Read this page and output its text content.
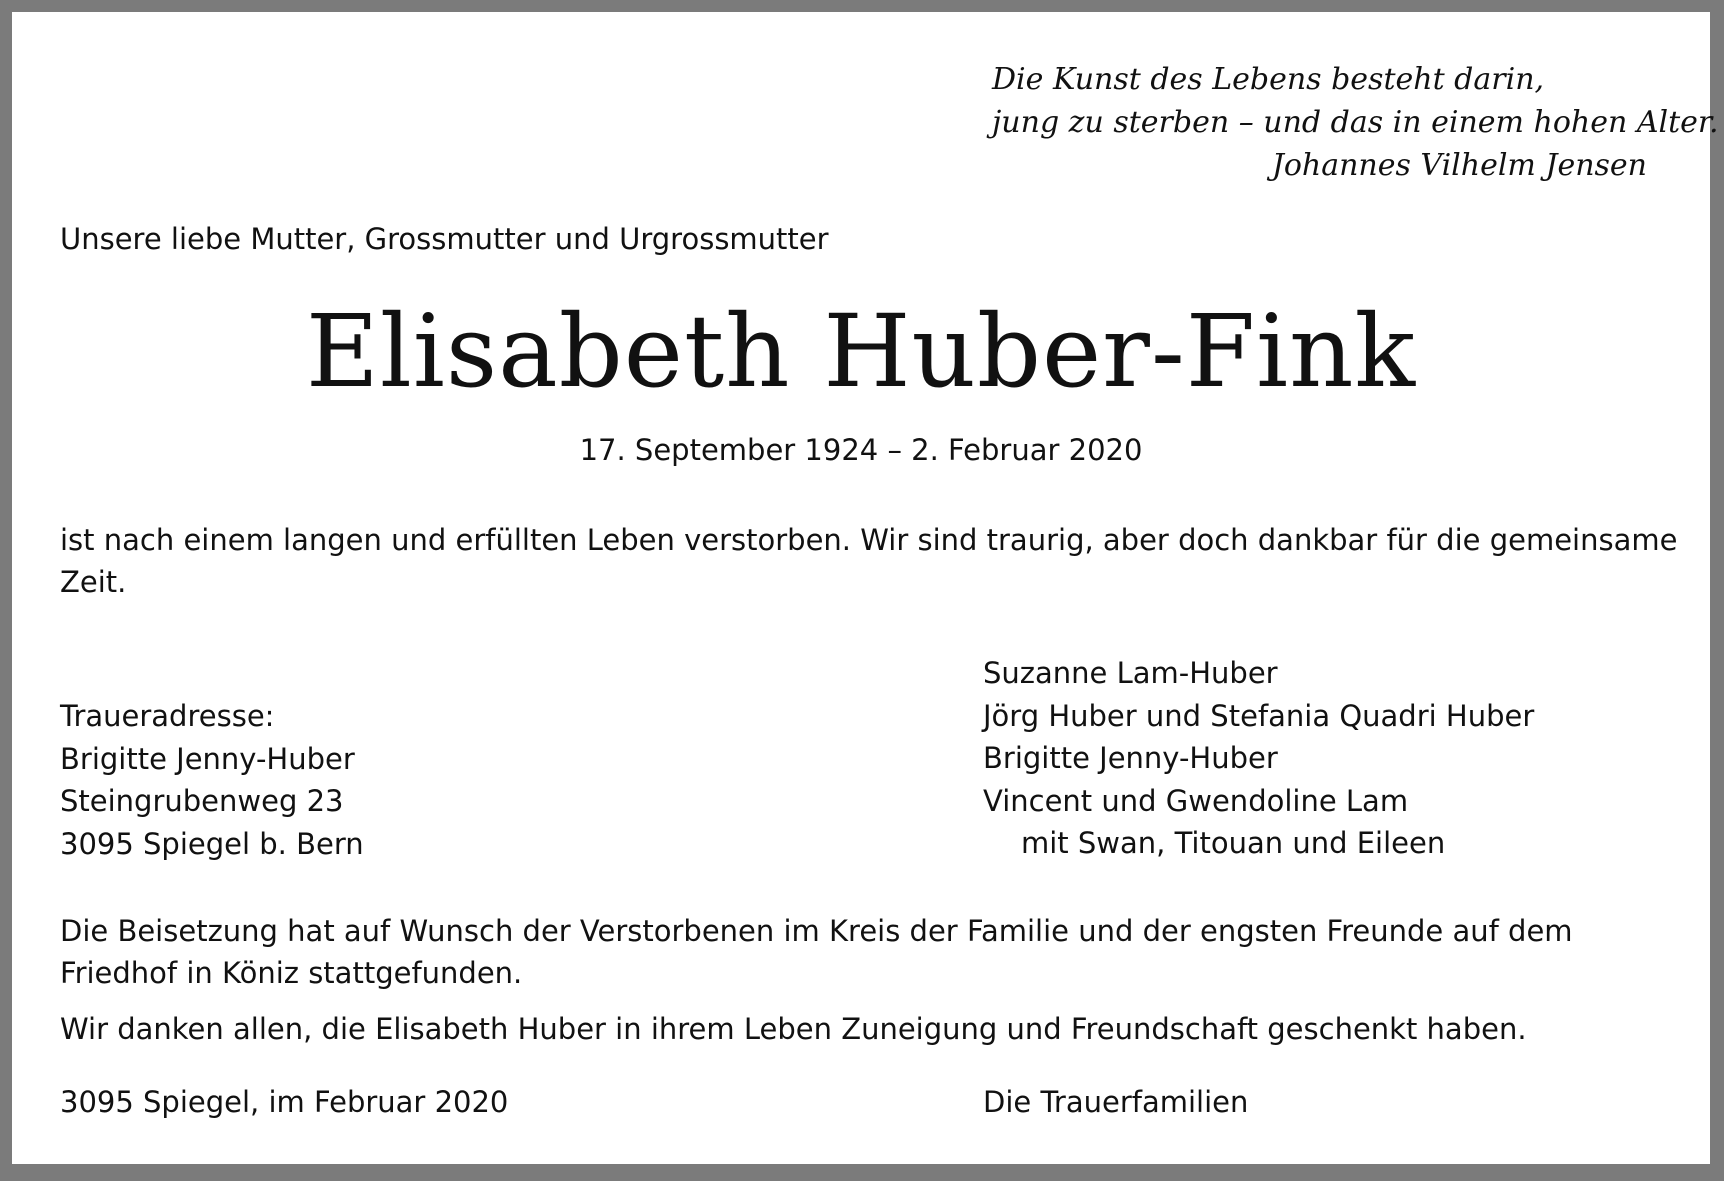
Die Kunst des Lebens besteht darin,
jung zu sterben – und das in einem hohen Alter.
Johannes Vilhelm Jensen
Unsere liebe Mutter, Grossmutter und Urgrossmutter
Elisabeth Huber-Fink
17. September 1924 – 2. Februar 2020
ist nach einem langen und erfüllten Leben verstorben. Wir sind traurig, aber doch dankbar für die gemeinsame Zeit.
Traueradresse:
Brigitte Jenny-Huber
Steingrubenweg 23
3095 Spiegel b. Bern
Suzanne Lam-Huber
Jörg Huber und Stefania Quadri Huber
Brigitte Jenny-Huber
Vincent und Gwendoline Lam
mit Swan, Titouan und Eileen
Die Beisetzung hat auf Wunsch der Verstorbenen im Kreis der Familie und der engsten Freunde auf dem Friedhof in Köniz stattgefunden.
Wir danken allen, die Elisabeth Huber in ihrem Leben Zuneigung und Freundschaft geschenkt haben.
3095 Spiegel, im Februar 2020	Die Trauerfamilien
